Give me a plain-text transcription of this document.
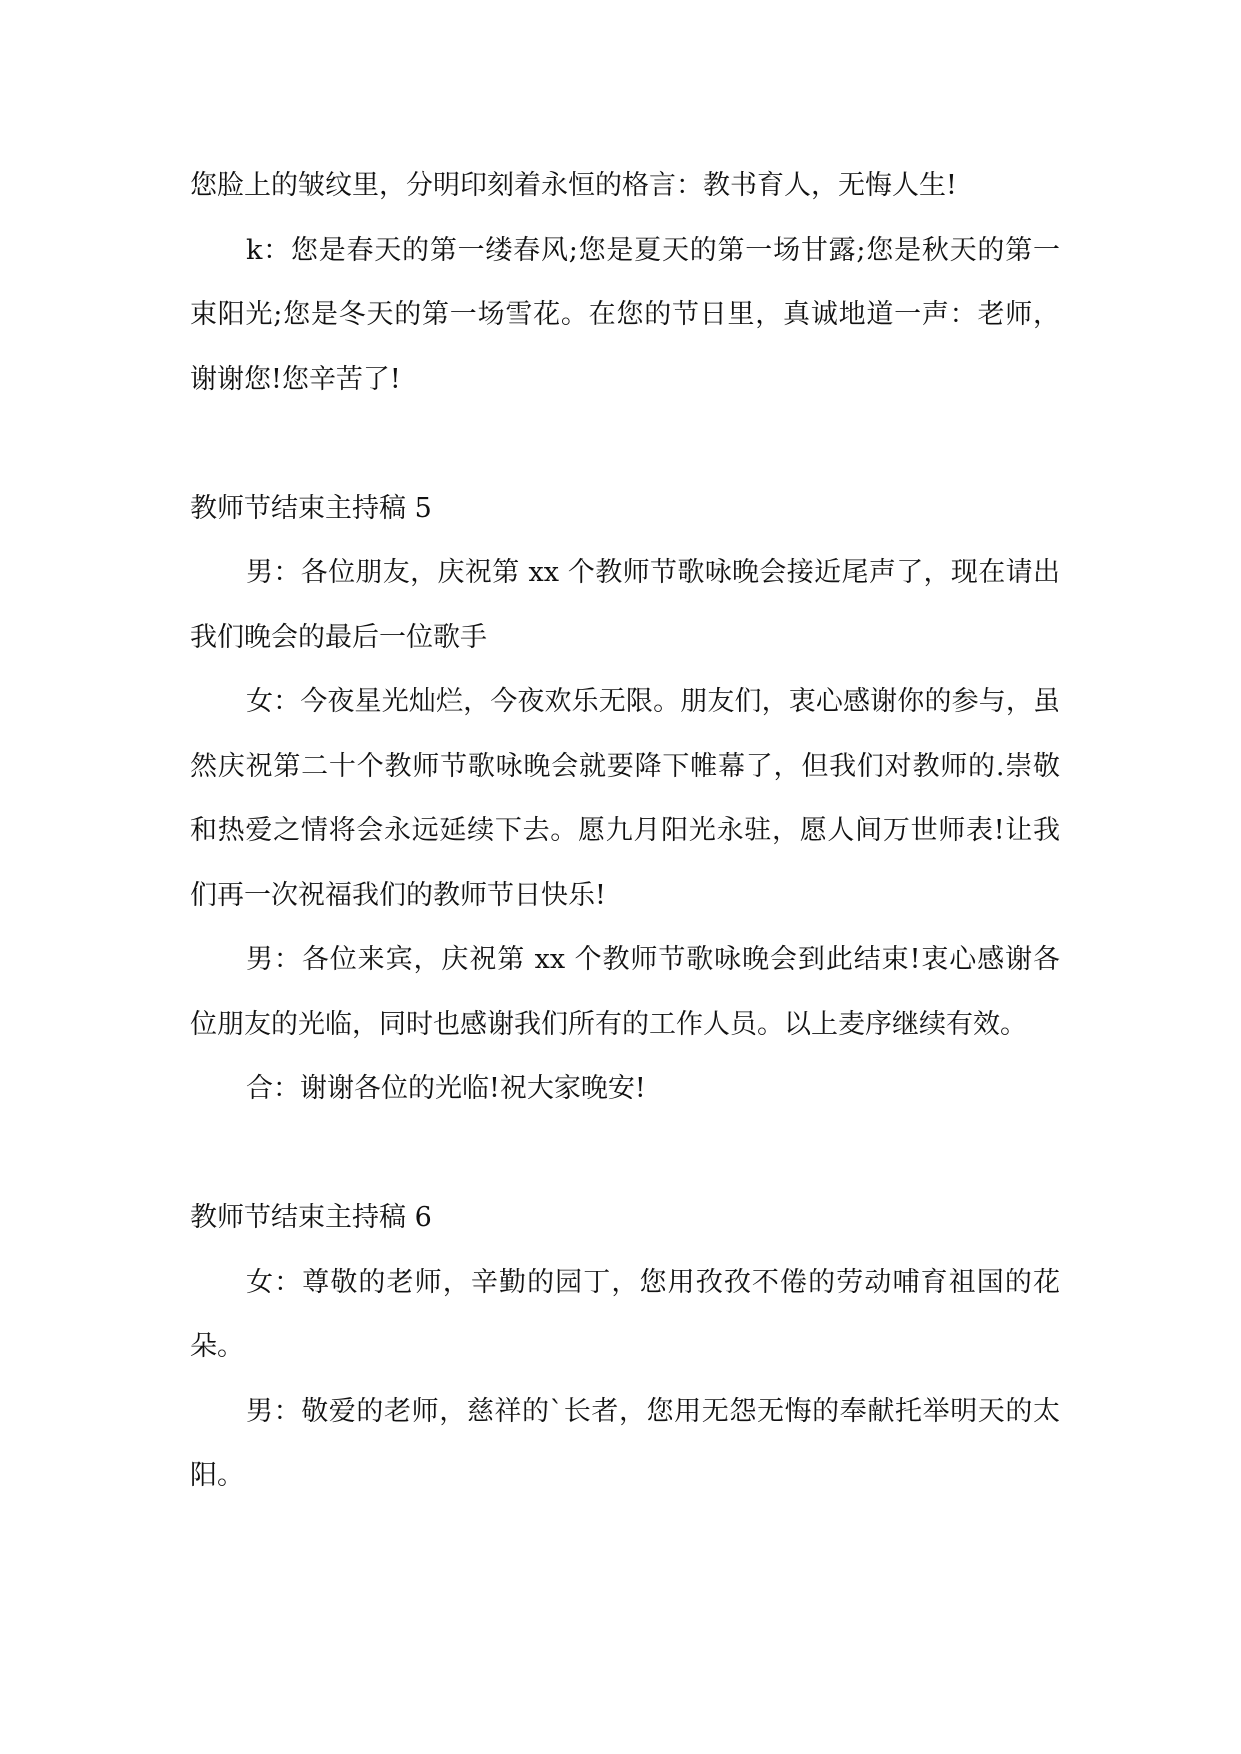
您脸上的皱纹里，分明印刻着永恒的格言：教书育人，无悔人生!

k：您是春天的第一缕春风;您是夏天的第一场甘露;您是秋天的第一束阳光;您是冬天的第一场雪花。在您的节日里，真诚地道一声：老师，谢谢您!您辛苦了!

教师节结束主持稿 5

男：各位朋友，庆祝第 xx 个教师节歌咏晚会接近尾声了，现在请出我们晚会的最后一位歌手

女：今夜星光灿烂，今夜欢乐无限。朋友们，衷心感谢你的参与，虽然庆祝第二十个教师节歌咏晚会就要降下帷幕了，但我们对教师的.崇敬和热爱之情将会永远延续下去。愿九月阳光永驻，愿人间万世师表!让我们再一次祝福我们的教师节日快乐!

男：各位来宾，庆祝第 xx 个教师节歌咏晚会到此结束!衷心感谢各位朋友的光临，同时也感谢我们所有的工作人员。以上麦序继续有效。

合：谢谢各位的光临!祝大家晚安!

教师节结束主持稿 6

女：尊敬的老师，辛勤的园丁，您用孜孜不倦的劳动哺育祖国的花朵。

男：敬爱的老师，慈祥的`长者，您用无怨无悔的奉献托举明天的太阳。
